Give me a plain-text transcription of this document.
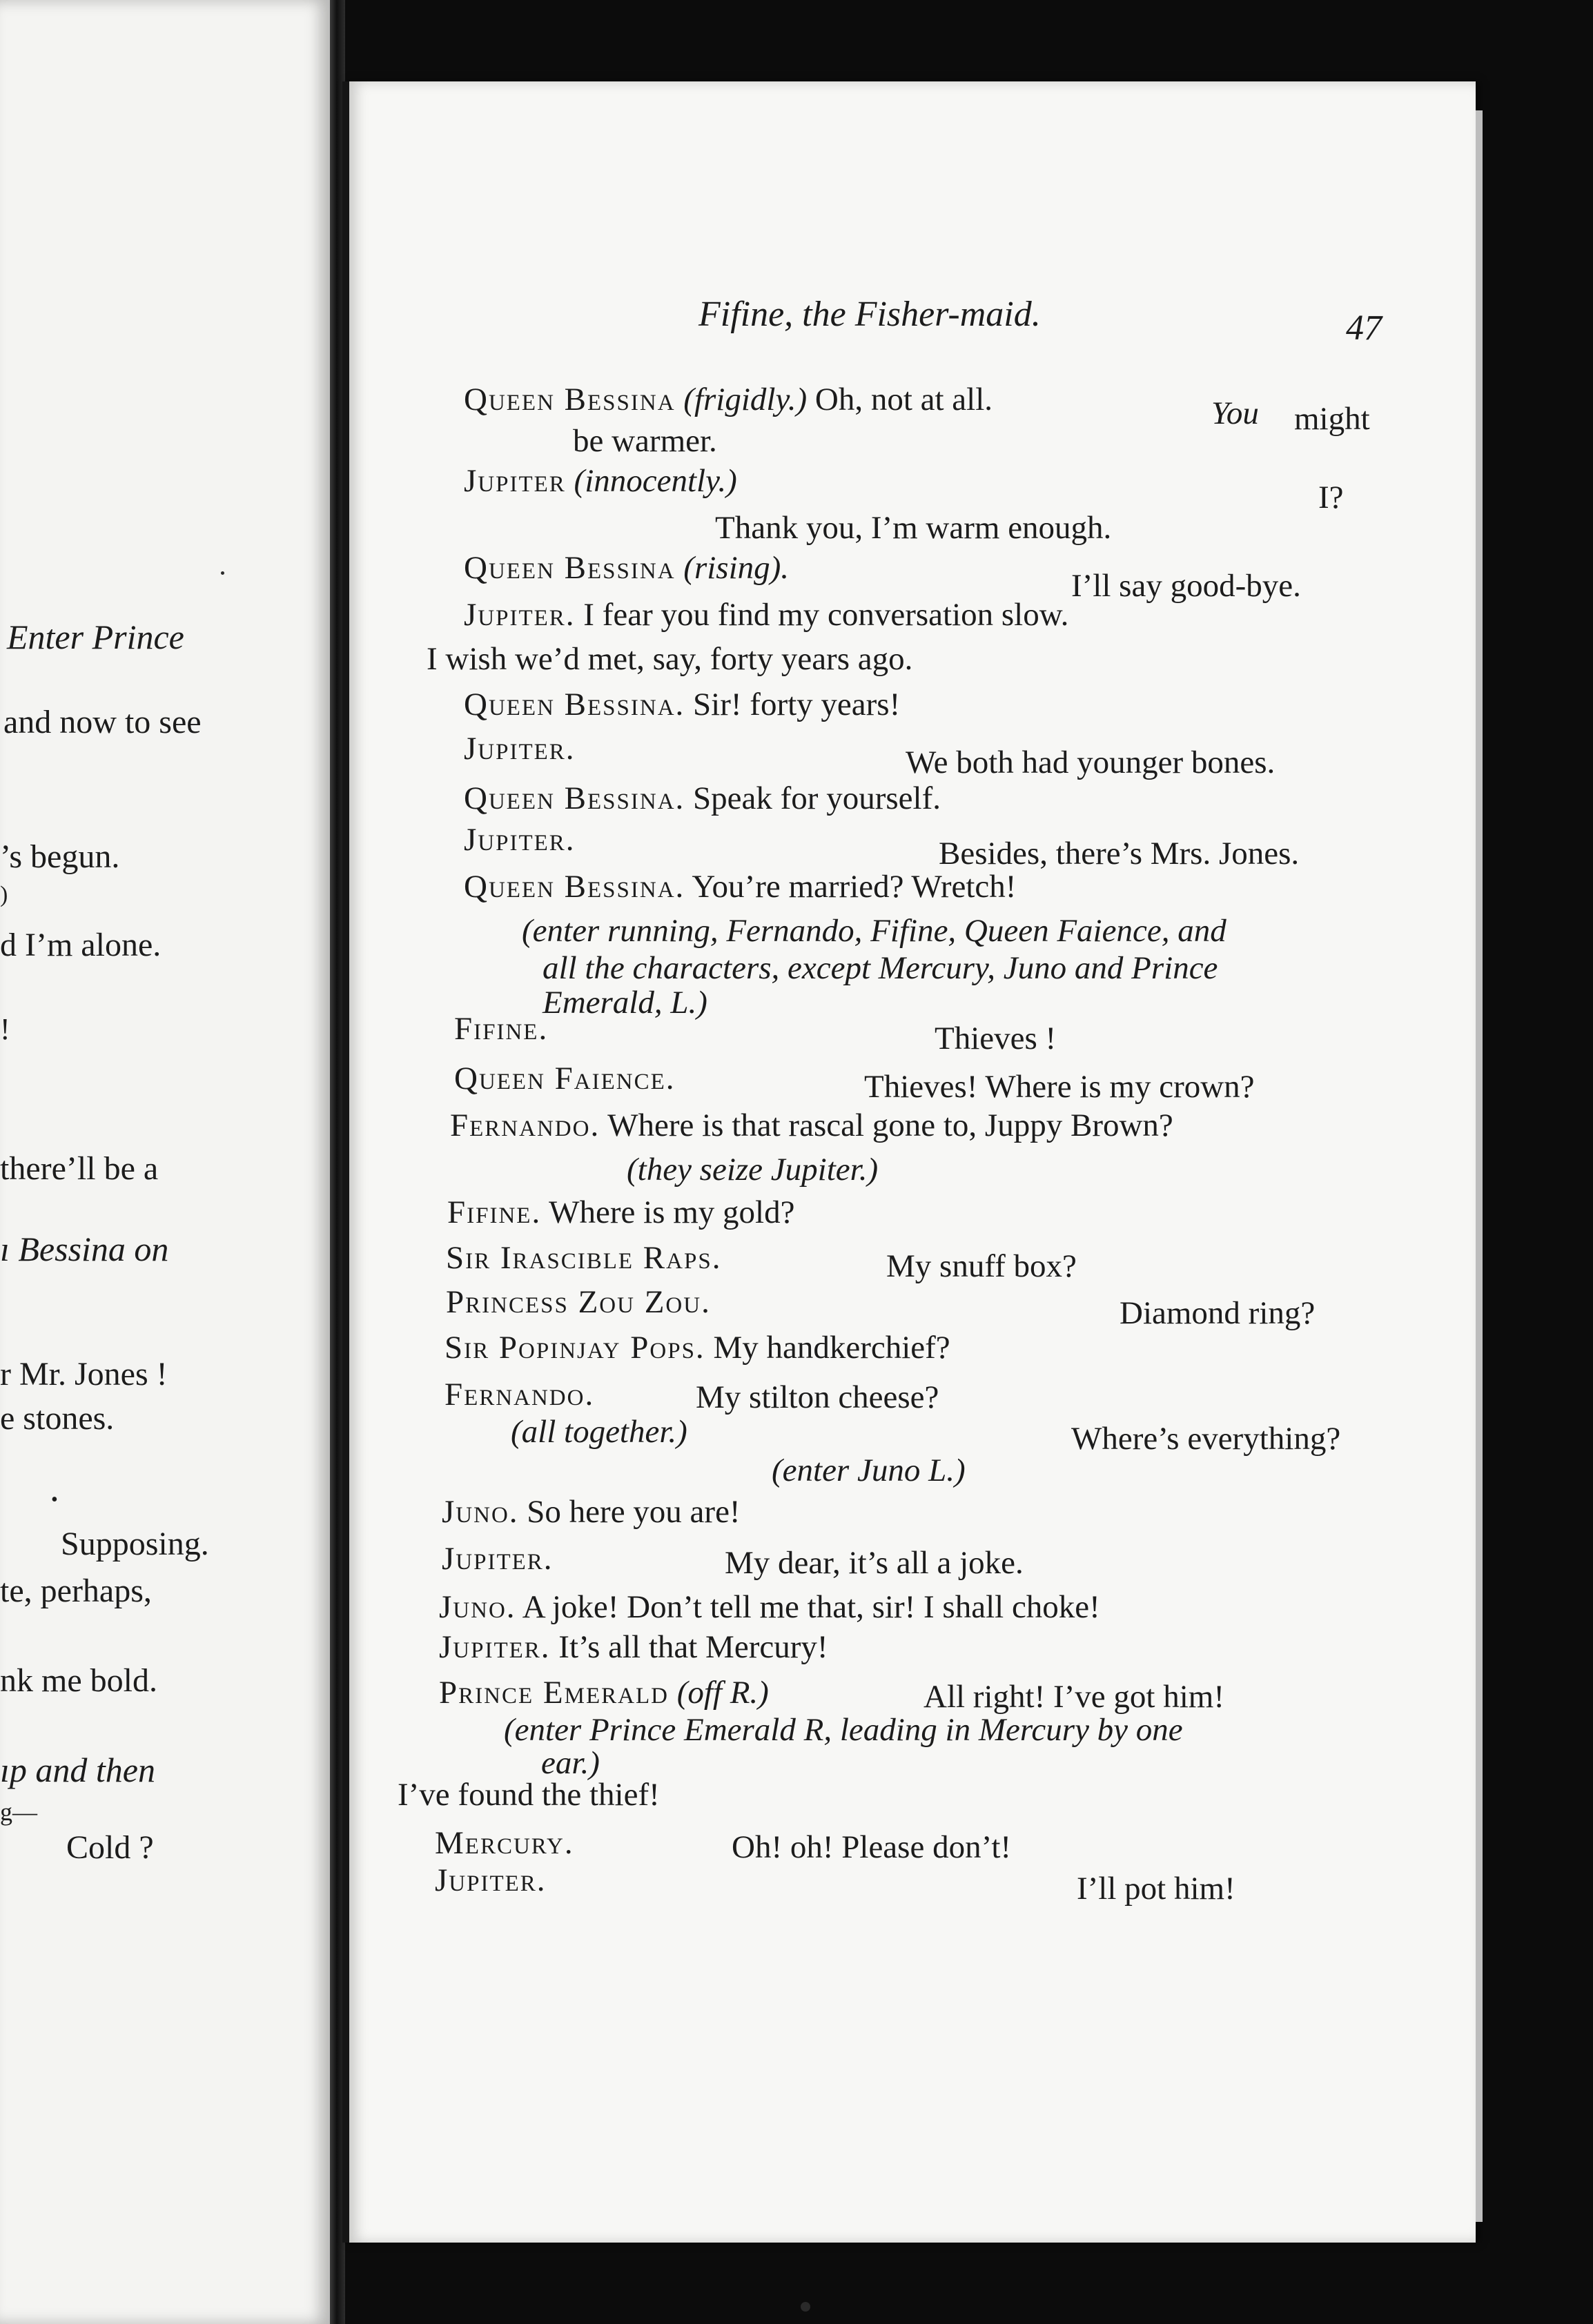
Enter Prince
and now to see
’s begun.
)
d I’m alone.
!
there’ll be a
ı Bessina on
r Mr. Jones !
e stones.
•
Supposing.
te, perhaps,
nk me bold.
ıp and then
g—
Cold ?
Fifine, the Fisher-maid.	47
Queen Bessina (frigidly.) Oh, not at all.	You might
be warmer.
Jupiter (innocently.)	I?
Thank you, I’m warm enough.
Queen Bessina (rising).	I’ll say good-bye.
Jupiter. I fear you find my conversation slow.
I wish we’d met, say, forty years ago.
Queen Bessina. Sir! forty years!
Jupiter.	We both had younger bones.
Queen Bessina. Speak for yourself.
Jupiter.	Besides, there’s Mrs. Jones.
Queen Bessina. You’re married? Wretch!
(enter running, Fernando, Fifine, Queen Faience, and
all the characters, except Mercury, Juno and Prince
Emerald, L.)
Fifine.	Thieves !
Queen Faience.	Thieves! Where is my crown?
Fernando. Where is that rascal gone to, Juppy Brown?
(they seize Jupiter.)
Fifine. Where is my gold?
Sir Irascible Raps.	My snuff box?
Princess Zou Zou.	Diamond ring?
Sir Popinjay Pops. My handkerchief?
Fernando.	My stilton cheese?
(all together.)	Where’s everything?
(enter Juno L.)
Juno. So here you are!
Jupiter.	My dear, it’s all a joke.
Juno. A joke! Don’t tell me that, sir! I shall choke!
Jupiter. It’s all that Mercury!
Prince Emerald (off R.)	All right! I’ve got him!
(enter Prince Emerald R, leading in Mercury by one
ear.)
I’ve found the thief!
Mercury.	Oh! oh! Please don’t!
Jupiter.	I’ll pot him!
